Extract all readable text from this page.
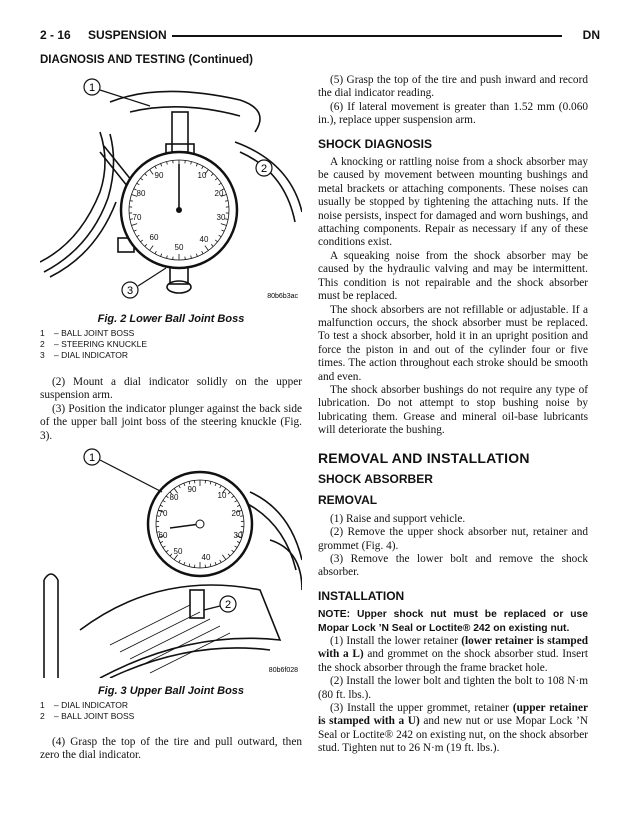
2 - 16 SUSPENSION	DN
DIAGNOSIS AND TESTING (Continued)
90	10
80	20
70	30
60	40
50
1
2
3	80b6b3ac
Fig. 2 Lower Ball Joint Boss
1 – BALL JOINT BOSS
2 – STEERING KNUCKLE
3 – DIAL INDICATOR

(2) Mount a dial indicator solidly on the upper suspension arm.

(3) Position the indicator plunger against the back side of the upper ball joint boss of the steering knuckle (Fig. 3).

90
80	10
70	20
60	30
50
40
1
2
80b6f028
Fig. 3 Upper Ball Joint Boss
1 – DIAL INDICATOR
2 – BALL JOINT BOSS

(4) Grasp the top of the tire and pull outward, then zero the dial indicator.

(5) Grasp the top of the tire and push inward and record the dial indicator reading.

(6) If lateral movement is greater than 1.52 mm (0.060 in.), replace upper suspension arm.

SHOCK DIAGNOSIS

A knocking or rattling noise from a shock absorber may be caused by movement between mounting bushings and metal brackets or attaching components. These noises can usually be stopped by tightening the attaching nuts. If the noise persists, inspect for damaged and worn bushings, and attaching components. Repair as necessary if any of these conditions exist.

A squeaking noise from the shock absorber may be caused by the hydraulic valving and may be intermittent. This condition is not repairable and the shock absorber must be replaced.

The shock absorbers are not refillable or adjustable. If a malfunction occurs, the shock absorber must be replaced. To test a shock absorber, hold it in an upright position and force the piston in and out of the cylinder four or five times. The action throughout each stroke should be smooth and even.

The shock absorber bushings do not require any type of lubrication. Do not attempt to stop bushing noise by lubricating them. Grease and mineral oil-base lubricants will deteriorate the bushing.

REMOVAL AND INSTALLATION
SHOCK ABSORBER
REMOVAL

(1) Raise and support vehicle.

(2) Remove the upper shock absorber nut, retainer and grommet (Fig. 4).

(3) Remove the lower bolt and remove the shock absorber.

INSTALLATION

NOTE: Upper shock nut must be replaced or use Mopar Lock ’N Seal or Loctite® 242 on existing nut.

(1) Install the lower retainer (lower retainer is stamped with a L) and grommet on the shock absorber stud. Insert the shock absorber through the frame bracket hole.

(2) Install the lower bolt and tighten the bolt to 108 N·m (80 ft. lbs.).

(3) Install the upper grommet, retainer (upper retainer is stamped with a U) and new nut or use Mopar Lock ’N Seal or Loctite® 242 on existing nut, on the shock absorber stud. Tighten nut to 26 N·m (19 ft. lbs.).
